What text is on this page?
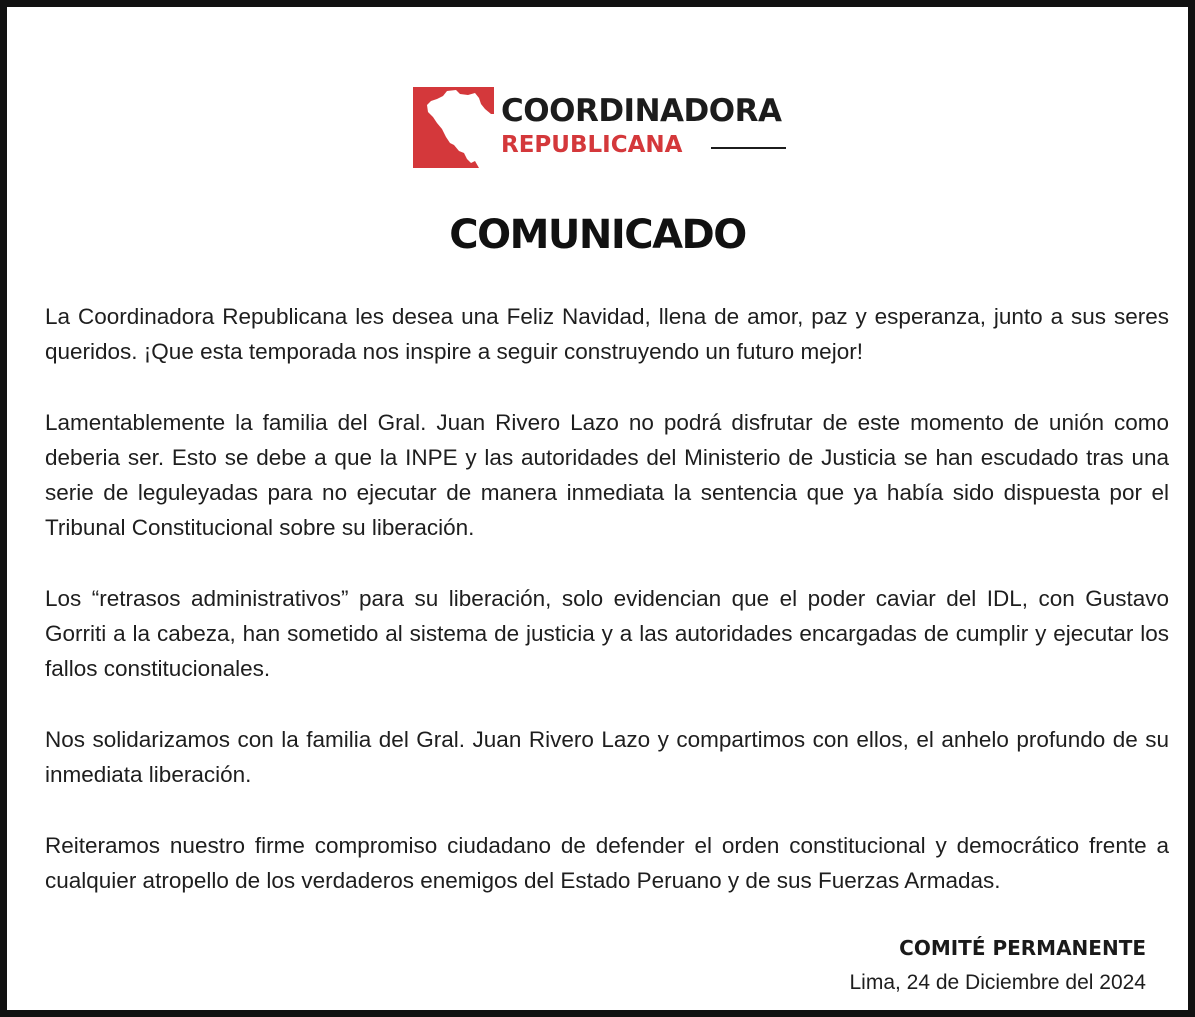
COORDINADORA
REPUBLICANA
COMUNICADO

La Coordinadora Republicana les desea una Feliz Navidad, llena de amor, paz y esperanza, junto a sus seres queridos. ¡Que esta temporada nos inspire a seguir construyendo un futuro mejor!

Lamentablemente la familia del Gral. Juan Rivero Lazo no podrá disfrutar de este momento de unión como deberia ser. Esto se debe a que la INPE y las autoridades del Ministerio de Justicia se han escudado tras una serie de leguleyadas para no ejecutar de manera inmediata la sentencia que ya había sido dispuesta por el Tribunal Constitucional sobre su liberación.

Los “retrasos administrativos” para su liberación, solo evidencian que el poder caviar del IDL, con Gustavo Gorriti a la cabeza, han sometido al sistema de justicia y a las autoridades encargadas de cumplir y ejecutar los fallos constitucionales.

Nos solidarizamos con la familia del Gral. Juan Rivero Lazo y compartimos con ellos, el anhelo profundo de su inmediata liberación.

Reiteramos nuestro firme compromiso ciudadano de defender el orden constitucional y democrático frente a cualquier atropello de los verdaderos enemigos del Estado Peruano y de sus Fuerzas Armadas.

COMITÉ PERMANENTE
Lima, 24 de Diciembre del 2024
